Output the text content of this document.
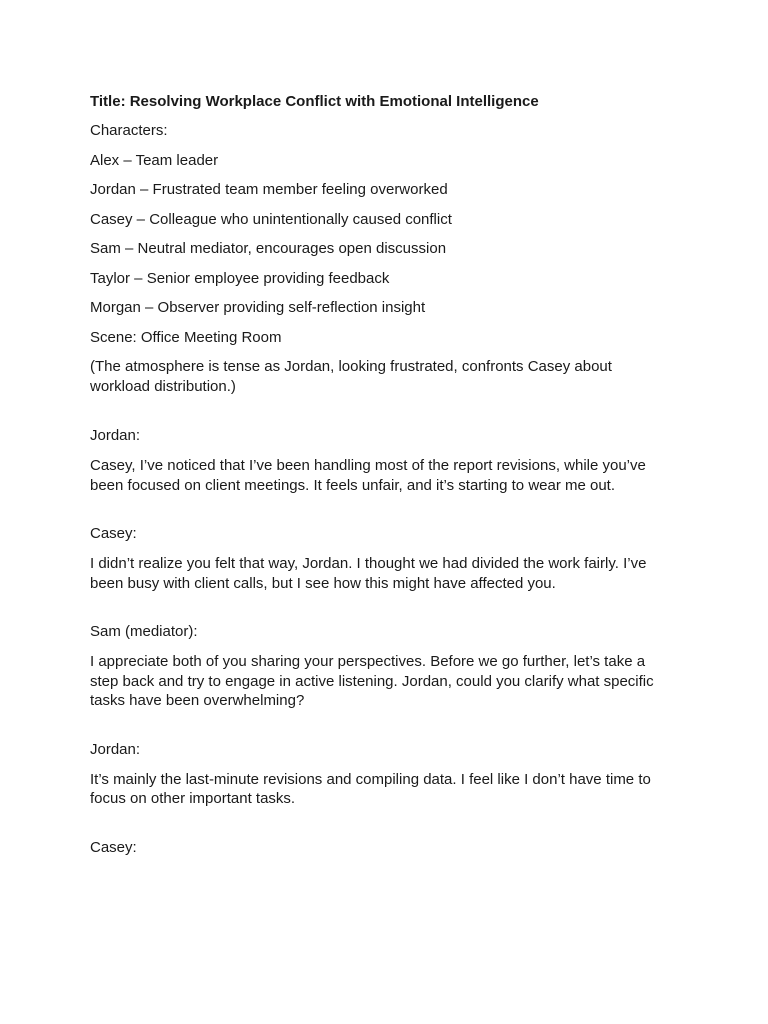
Title: Resolving Workplace Conflict with Emotional Intelligence
Characters:
Alex – Team leader
Jordan – Frustrated team member feeling overworked
Casey – Colleague who unintentionally caused conflict
Sam – Neutral mediator, encourages open discussion
Taylor – Senior employee providing feedback
Morgan – Observer providing self-reflection insight
Scene: Office Meeting Room
(The atmosphere is tense as Jordan, looking frustrated, confronts Casey about workload distribution.)
Jordan:
Casey, I’ve noticed that I’ve been handling most of the report revisions, while you’ve been focused on client meetings. It feels unfair, and it’s starting to wear me out.
Casey:
I didn’t realize you felt that way, Jordan. I thought we had divided the work fairly. I’ve been busy with client calls, but I see how this might have affected you.
Sam (mediator):
I appreciate both of you sharing your perspectives. Before we go further, let’s take a step back and try to engage in active listening. Jordan, could you clarify what specific tasks have been overwhelming?
Jordan:
It’s mainly the last-minute revisions and compiling data. I feel like I don’t have time to focus on other important tasks.
Casey:
